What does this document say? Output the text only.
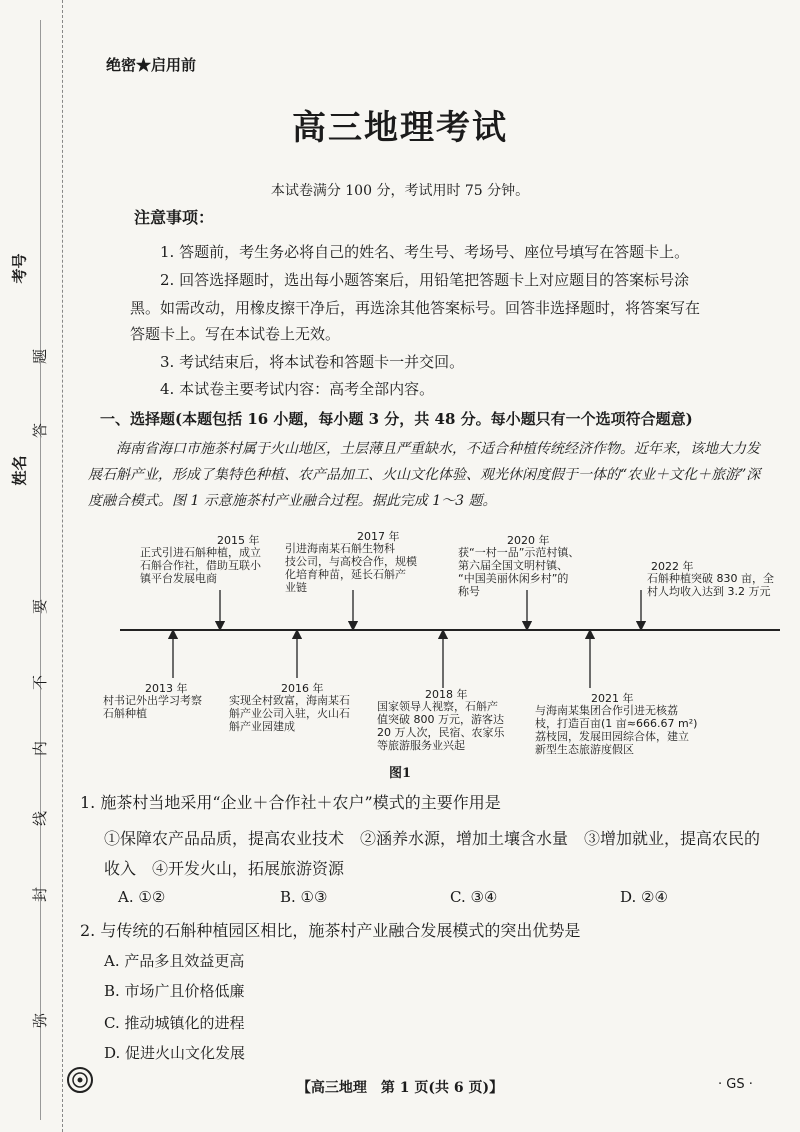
考号
姓名
弥
封
线
内
不
要
答
题
绝密★启用前
高三地理考试
本试卷满分 100 分，考试用时 75 分钟。
注意事项：
1. 答题前，考生务必将自己的姓名、考生号、考场号、座位号填写在答题卡上。
2. 回答选择题时，选出每小题答案后，用铅笔把答题卡上对应题目的答案标号涂
黑。如需改动，用橡皮擦干净后，再选涂其他答案标号。回答非选择题时，将答案写在
答题卡上。写在本试卷上无效。
3. 考试结束后，将本试卷和答题卡一并交回。
4. 本试卷主要考试内容：高考全部内容。
一、选择题(本题包括 16 小题，每小题 3 分，共 48 分。每小题只有一个选项符合题意)
海南省海口市施茶村属于火山地区，土层薄且严重缺水，不适合种植传统经济作物。近年来，该地大力发展石斛产业，形成了集特色种植、农产品加工、火山文化体验、观光休闲度假于一体的“农业＋文化＋旅游”深度融合模式。图 1 示意施茶村产业融合过程。据此完成 1～3 题。
2015 年
正式引进石斛种植，成立
石斛合作社，借助互联小
镇平台发展电商
2017 年
引进海南某石斛生物科
技公司，与高校合作，规模
化培育种苗，延长石斛产
业链
2020 年
获“一村一品”示范村镇、
第六届全国文明村镇、
“中国美丽休闲乡村”的
称号
2022 年
石斛种植突破 830 亩，全
村人均收入达到 3.2 万元
2013 年
村书记外出学习考察
石斛种植
2016 年
实现全村致富，海南某石
斛产业公司入驻，火山石
斛产业园建成
2018 年
国家领导人视察，石斛产
值突破 800 万元，游客达
20 万人次，民宿、农家乐
等旅游服务业兴起
2021 年
与海南某集团合作引进无核荔
枝，打造百亩(1 亩≈666.67 m²)
荔枝园，发展田园综合体，建立
新型生态旅游度假区
图1
1. 施茶村当地采用“企业＋合作社＋农户”模式的主要作用是
①保障农产品品质，提高农业技术　②涵养水源，增加土壤含水量　③增加就业，提高农民的
收入　④开发火山，拓展旅游资源
A. ①②	B. ①③	C. ③④	D. ②④
2. 与传统的石斛种植园区相比，施茶村产业融合发展模式的突出优势是
A. 产品多且效益更高
B. 市场广且价格低廉
C. 推动城镇化的进程
D. 促进火山文化发展
【高三地理　第 1 页(共 6 页)】	· GS ·
